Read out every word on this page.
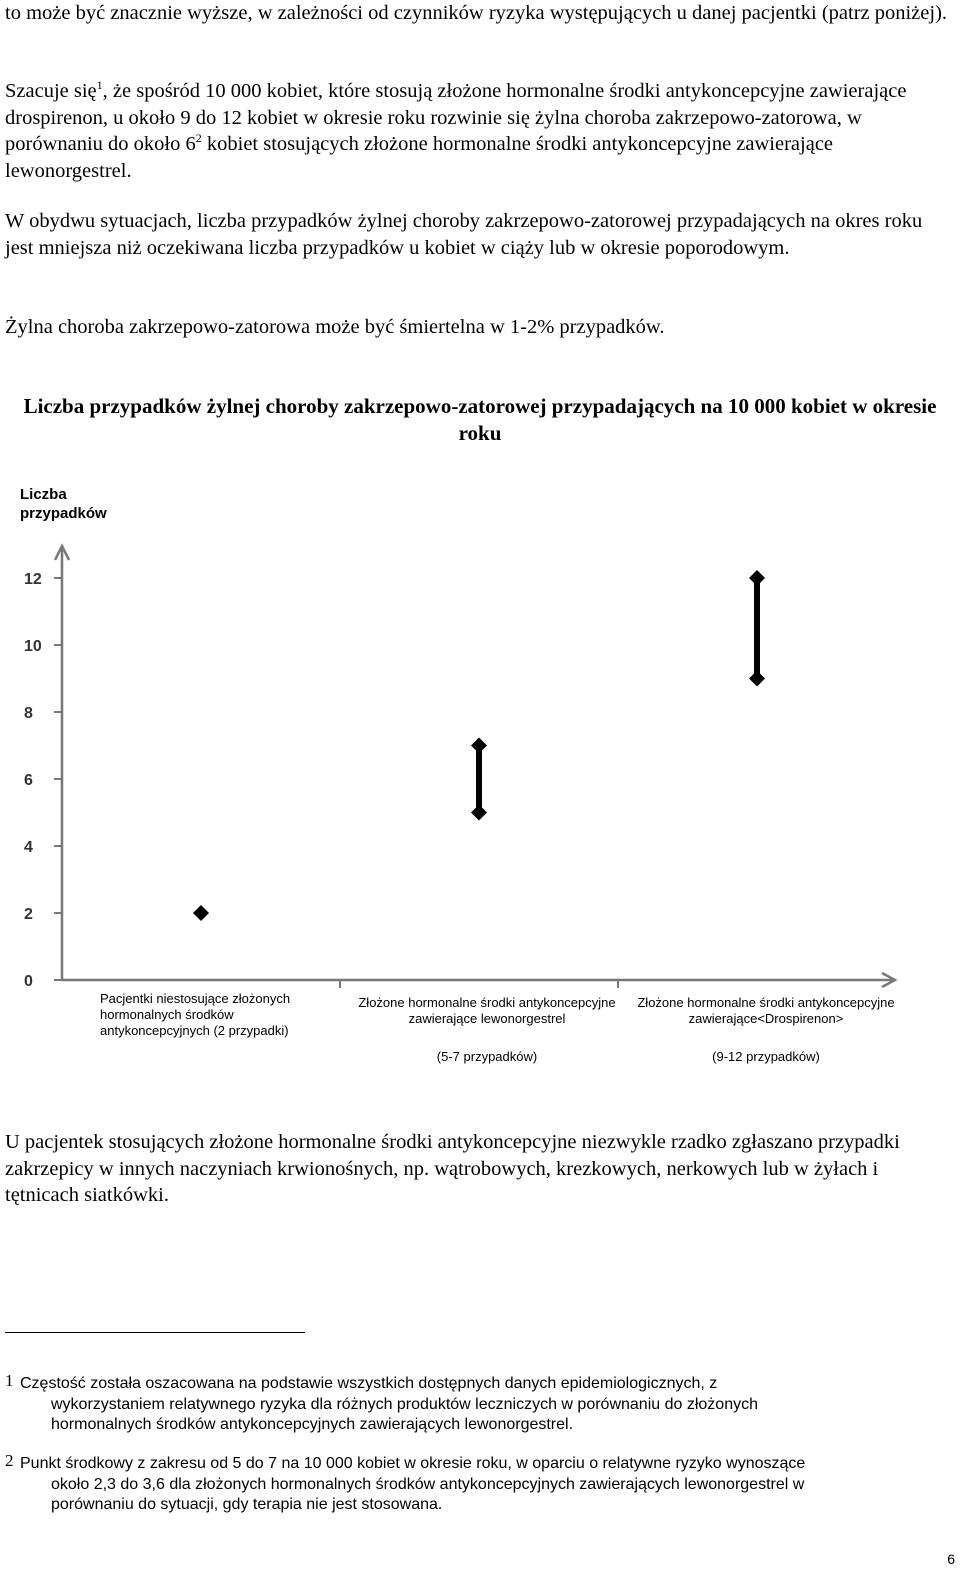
to może być znacznie wyższe, w zależności od czynników ryzyka występujących u danej pacjentki (patrz poniżej).

Szacuje się$^1$, że spośród 10 000 kobiet, które stosują złożone hormonalne środki antykoncepcyjne zawierające drospirenon, u około 9 do 12 kobiet w okresie roku rozwinie się żylna choroba zakrzepowo-zatorowa, w porównaniu do około $6^2$ kobiet stosujących złożone hormonalne środki antykoncepcyjne zawierające lewonorgestrel.

W obydwu sytuacjach, liczba przypadków żylnej choroby zakrzepowo-zatorowej przypadających na okres roku jest mniejsza niż oczekiwana liczba przypadków u kobiet w ciąży lub w okresie poporodowym.

Żylna choroba zakrzepowo-zatorowa może być śmiertelna w 1-2% przypadków.

Liczba przypadków żylnej choroby zakrzepowo-zatorowej przypadających na 10 000 kobiet w okresie roku

Liczba
przypadków
0
2
4
6
8
10
12
Pacjentki niestosujące złożonych hormonalnych środków antykoncepcyjnych (2 przypadki)
Złożone hormonalne środki antykoncepcyjne zawierające lewonorgestrel
Złożone hormonalne środki antykoncepcyjne zawierające<Drospirenon>
(5-7 przypadków)	(9-12 przypadków)

U pacjentek stosujących złożone hormonalne środki antykoncepcyjne niezwykle rzadko zgłaszano przypadki zakrzepicy w innych naczyniach krwionośnych, np. wątrobowych, krezkowych, nerkowych lub w żyłach i tętnicach siatkówki.

1 Częstość została oszacowana na podstawie wszystkich dostępnych danych epidemiologicznych, z
wykorzystaniem relatywnego ryzyka dla różnych produktów leczniczych w porównaniu do złożonych
hormonalnych środków antykoncepcyjnych zawierających lewonorgestrel.
2 Punkt środkowy z zakresu od 5 do 7 na 10 000 kobiet w okresie roku, w oparciu o relatywne ryzyko wynoszące
około 2,3 do 3,6 dla złożonych hormonalnych środków antykoncepcyjnych zawierających lewonorgestrel w
porównaniu do sytuacji, gdy terapia nie jest stosowana.
6
